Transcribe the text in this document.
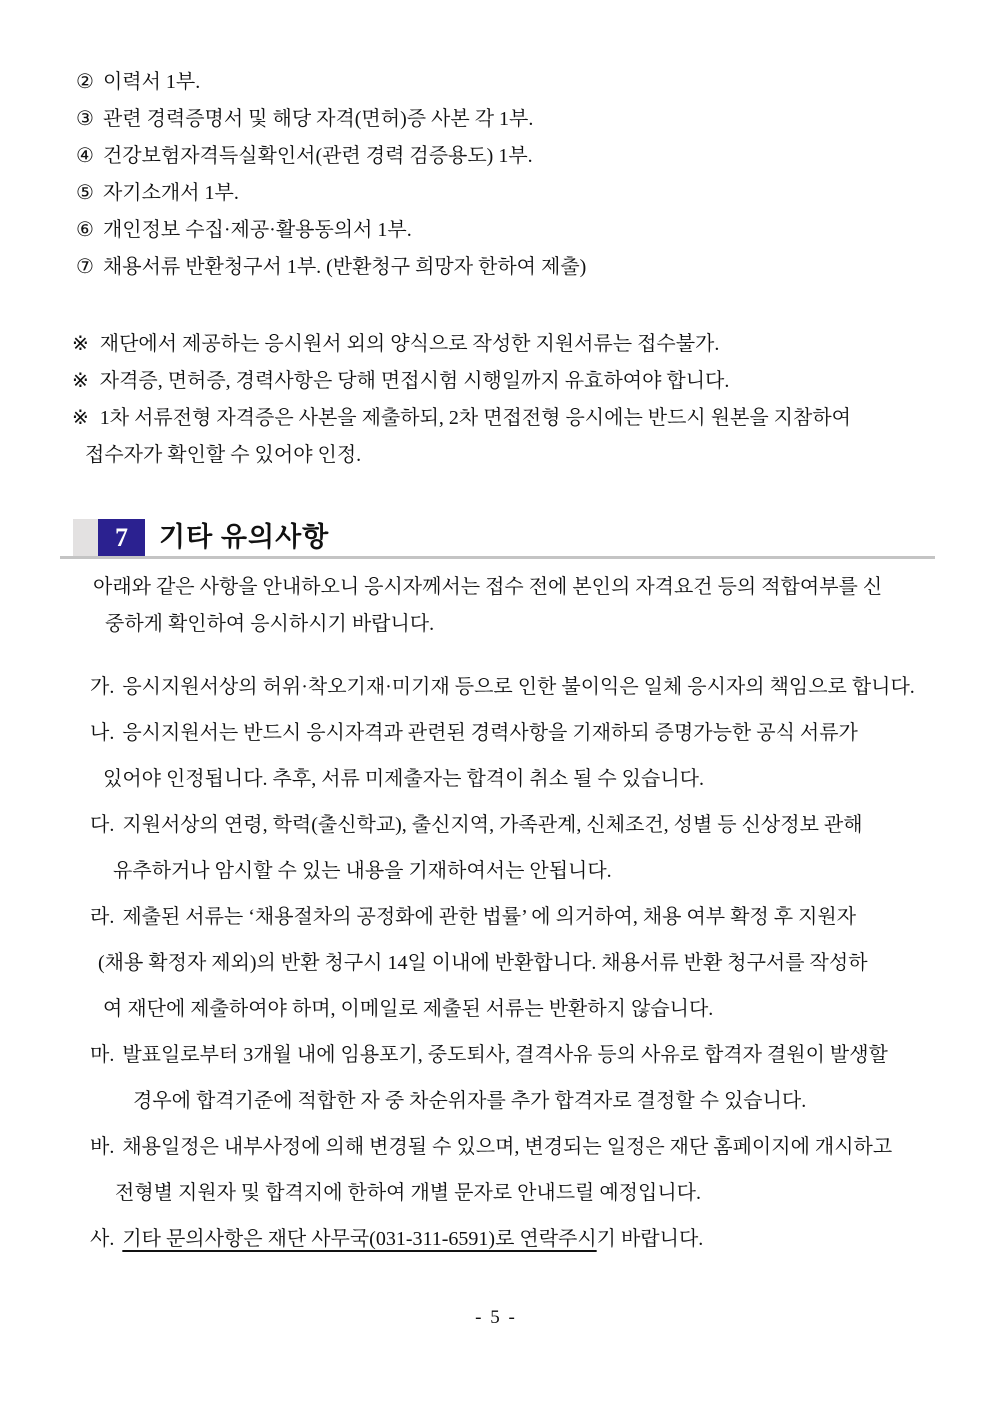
② 이력서 1부.
③ 관련 경력증명서 및 해당 자격(면허)증 사본 각 1부.
④ 건강보험자격득실확인서(관련 경력 검증용도) 1부.
⑤ 자기소개서 1부.
⑥ 개인정보 수집·제공·활용동의서 1부.
⑦ 채용서류 반환청구서 1부. (반환청구 희망자 한하여 제출)
※ 재단에서 제공하는 응시원서 외의 양식으로 작성한 지원서류는 접수불가.
※ 자격증, 면허증, 경력사항은 당해 면접시험 시행일까지 유효하여야 합니다.
※ 1차 서류전형 자격증은 사본을 제출하되, 2차 면접전형 응시에는 반드시 원본을 지참하여
접수자가 확인할 수 있어야 인정.
7 기타 유의사항
아래와 같은 사항을 안내하오니 응시자께서는 접수 전에 본인의 자격요건 등의 적합여부를 신
중하게 확인하여 응시하시기 바랍니다.
가. 응시지원서상의 허위·착오기재·미기재 등으로 인한 불이익은 일체 응시자의 책임으로 합니다.
나. 응시지원서는 반드시 응시자격과 관련된 경력사항을 기재하되 증명가능한 공식 서류가
있어야 인정됩니다. 추후, 서류 미제출자는 합격이 취소 될 수 있습니다.
다. 지원서상의 연령, 학력(출신학교), 출신지역, 가족관계, 신체조건, 성별 등 신상정보 관해
유추하거나 암시할 수 있는 내용을 기재하여서는 안됩니다.
라. 제출된 서류는 ‘채용절차의 공정화에 관한 법률’ 에 의거하여, 채용 여부 확정 후 지원자
(채용 확정자 제외)의 반환 청구시 14일 이내에 반환합니다. 채용서류 반환 청구서를 작성하
여 재단에 제출하여야 하며, 이메일로 제출된 서류는 반환하지 않습니다.
마. 발표일로부터 3개월 내에 임용포기, 중도퇴사, 결격사유 등의 사유로 합격자 결원이 발생할
경우에 합격기준에 적합한 자 중 차순위자를 추가 합격자로 결정할 수 있습니다.
바. 채용일정은 내부사정에 의해 변경될 수 있으며, 변경되는 일정은 재단 홈페이지에 개시하고
전형별 지원자 및 합격지에 한하여 개별 문자로 안내드릴 예정입니다.
사. 기타 문의사항은 재단 사무국(031-311-6591)로 연락주시기 바랍니다.
- 5 -
